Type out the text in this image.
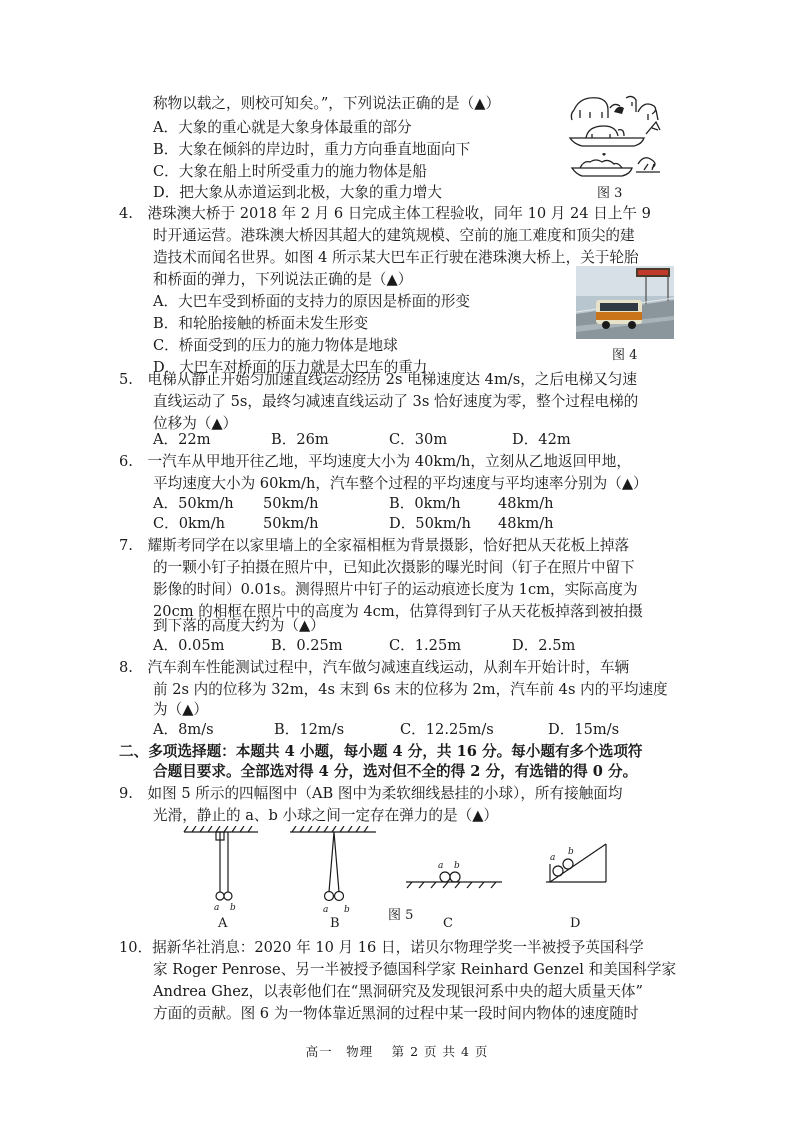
称物以载之，则校可知矣。”，下列说法正确的是（▲）
A．大象的重心就是大象身体最重的部分
B．大象在倾斜的岸边时，重力方向垂直地面向下
C．大象在船上时所受重力的施力物体是船
D．把大象从赤道运到北极，大象的重力增大	图 3
4.　港珠澳大桥于 2018 年 2 月 6 日完成主体工程验收，同年 10 月 24 日上午 9
时开通运营。港珠澳大桥因其超大的建筑规模、空前的施工难度和顶尖的建
造技术而闻名世界。如图 4 所示某大巴车正行驶在港珠澳大桥上，关于轮胎
和桥面的弹力，下列说法正确的是（▲）
A．大巴车受到桥面的支持力的原因是桥面的形变
B．和轮胎接触的桥面未发生形变
C．桥面受到的压力的施力物体是地球
D．大巴车对桥面的压力就是大巴车的重力
图 4
5.　电梯从静止开始匀加速直线运动经历 2s 电梯速度达 4m/s，之后电梯又匀速
直线运动了 5s，最终匀减速直线运动了 3s 恰好速度为零，整个过程电梯的
位移为（▲）
A．22m	B．26m	C．30m	D．42m
6.　一汽车从甲地开往乙地，平均速度大小为 40km/h，立刻从乙地返回甲地，
平均速度大小为 60km/h，汽车整个过程的平均速度与平均速率分别为（▲）
A．50km/h 50km/h	B．0km/h	48km/h
C．0km/h	50km/h	D．50km/h 48km/h
7.　耀斯考同学在以家里墙上的全家福相框为背景摄影，恰好把从天花板上掉落
的一颗小钉子拍摄在照片中，已知此次摄影的曝光时间（钉子在照片中留下
影像的时间）0.01s。测得照片中钉子的运动痕迹长度为 1cm，实际高度为
20cm 的相框在照片中的高度为 4cm，估算得到钉子从天花板掉落到被拍摄
到下落的高度大约为（▲）
A．0.05m	B．0.25m	C．1.25m	D．2.5m
8.　汽车刹车性能测试过程中，汽车做匀减速直线运动，从刹车开始计时，车辆
前 2s 内的位移为 32m，4s 末到 6s 末的位移为 2m，汽车前 4s 内的平均速度
为（▲）
A．8m/s	B．12m/s	C．12.25m/s	D．15m/s
二、多项选择题：本题共 4 小题，每小题 4 分，共 16 分。每小题有多个选项符
合题目要求。全部选对得 4 分，选对但不全的得 2 分，有选错的得 0 分。
9.　如图 5 所示的四幅图中（AB 图中为柔软细线悬挂的小球），所有接触面均
光滑，静止的 a、b 小球之间一定存在弹力的是（▲）
a b	a b
a b
a
b
A	B
图 5
C	D
10．据新华社消息：2020 年 10 月 16 日，诺贝尔物理学奖一半被授予英国科学
家 Roger Penrose、另一半被授予德国科学家 Reinhard Genzel 和美国科学家
Andrea Ghez，以表彰他们在“黑洞研究及发现银河系中央的超大质量天体”
方面的贡献。图 6 为一物体靠近黑洞的过程中某一段时间内物体的速度随时
高一　物理　 第 2 页 共 4 页
